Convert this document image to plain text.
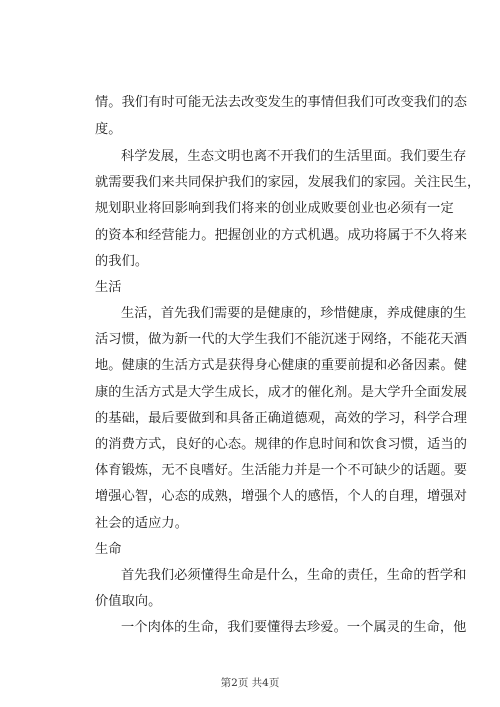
情。我们有时可能无法去改变发生的事情但我们可改变我们的态
度。
科学发展，生态文明也离不开我们的生活里面。我们要生存
就需要我们来共同保护我们的家园，发展我们的家园。关注民生，
规划职业将回影响到我们将来的创业成败要创业也必须有一定
的资本和经营能力。把握创业的方式机遇。成功将属于不久将来
的我们。
生活
生活，首先我们需要的是健康的，珍惜健康，养成健康的生
活习惯，做为新一代的大学生我们不能沉迷于网络，不能花天酒
地。健康的生活方式是获得身心健康的重要前提和必备因素。健
康的生活方式是大学生成长，成才的催化剂。是大学升全面发展
的基础，最后要做到和具备正确道德观，高效的学习，科学合理
的消费方式，良好的心态。规律的作息时间和饮食习惯，适当的
体育锻炼，无不良嗜好。生活能力并是一个不可缺少的话题。要
增强心智，心态的成熟，增强个人的感悟，个人的自理，增强对
社会的适应力。
生命
首先我们必须懂得生命是什么，生命的责任，生命的哲学和
价值取向。
一个肉体的生命，我们要懂得去珍爱。一个属灵的生命，他
第2页 共4页
